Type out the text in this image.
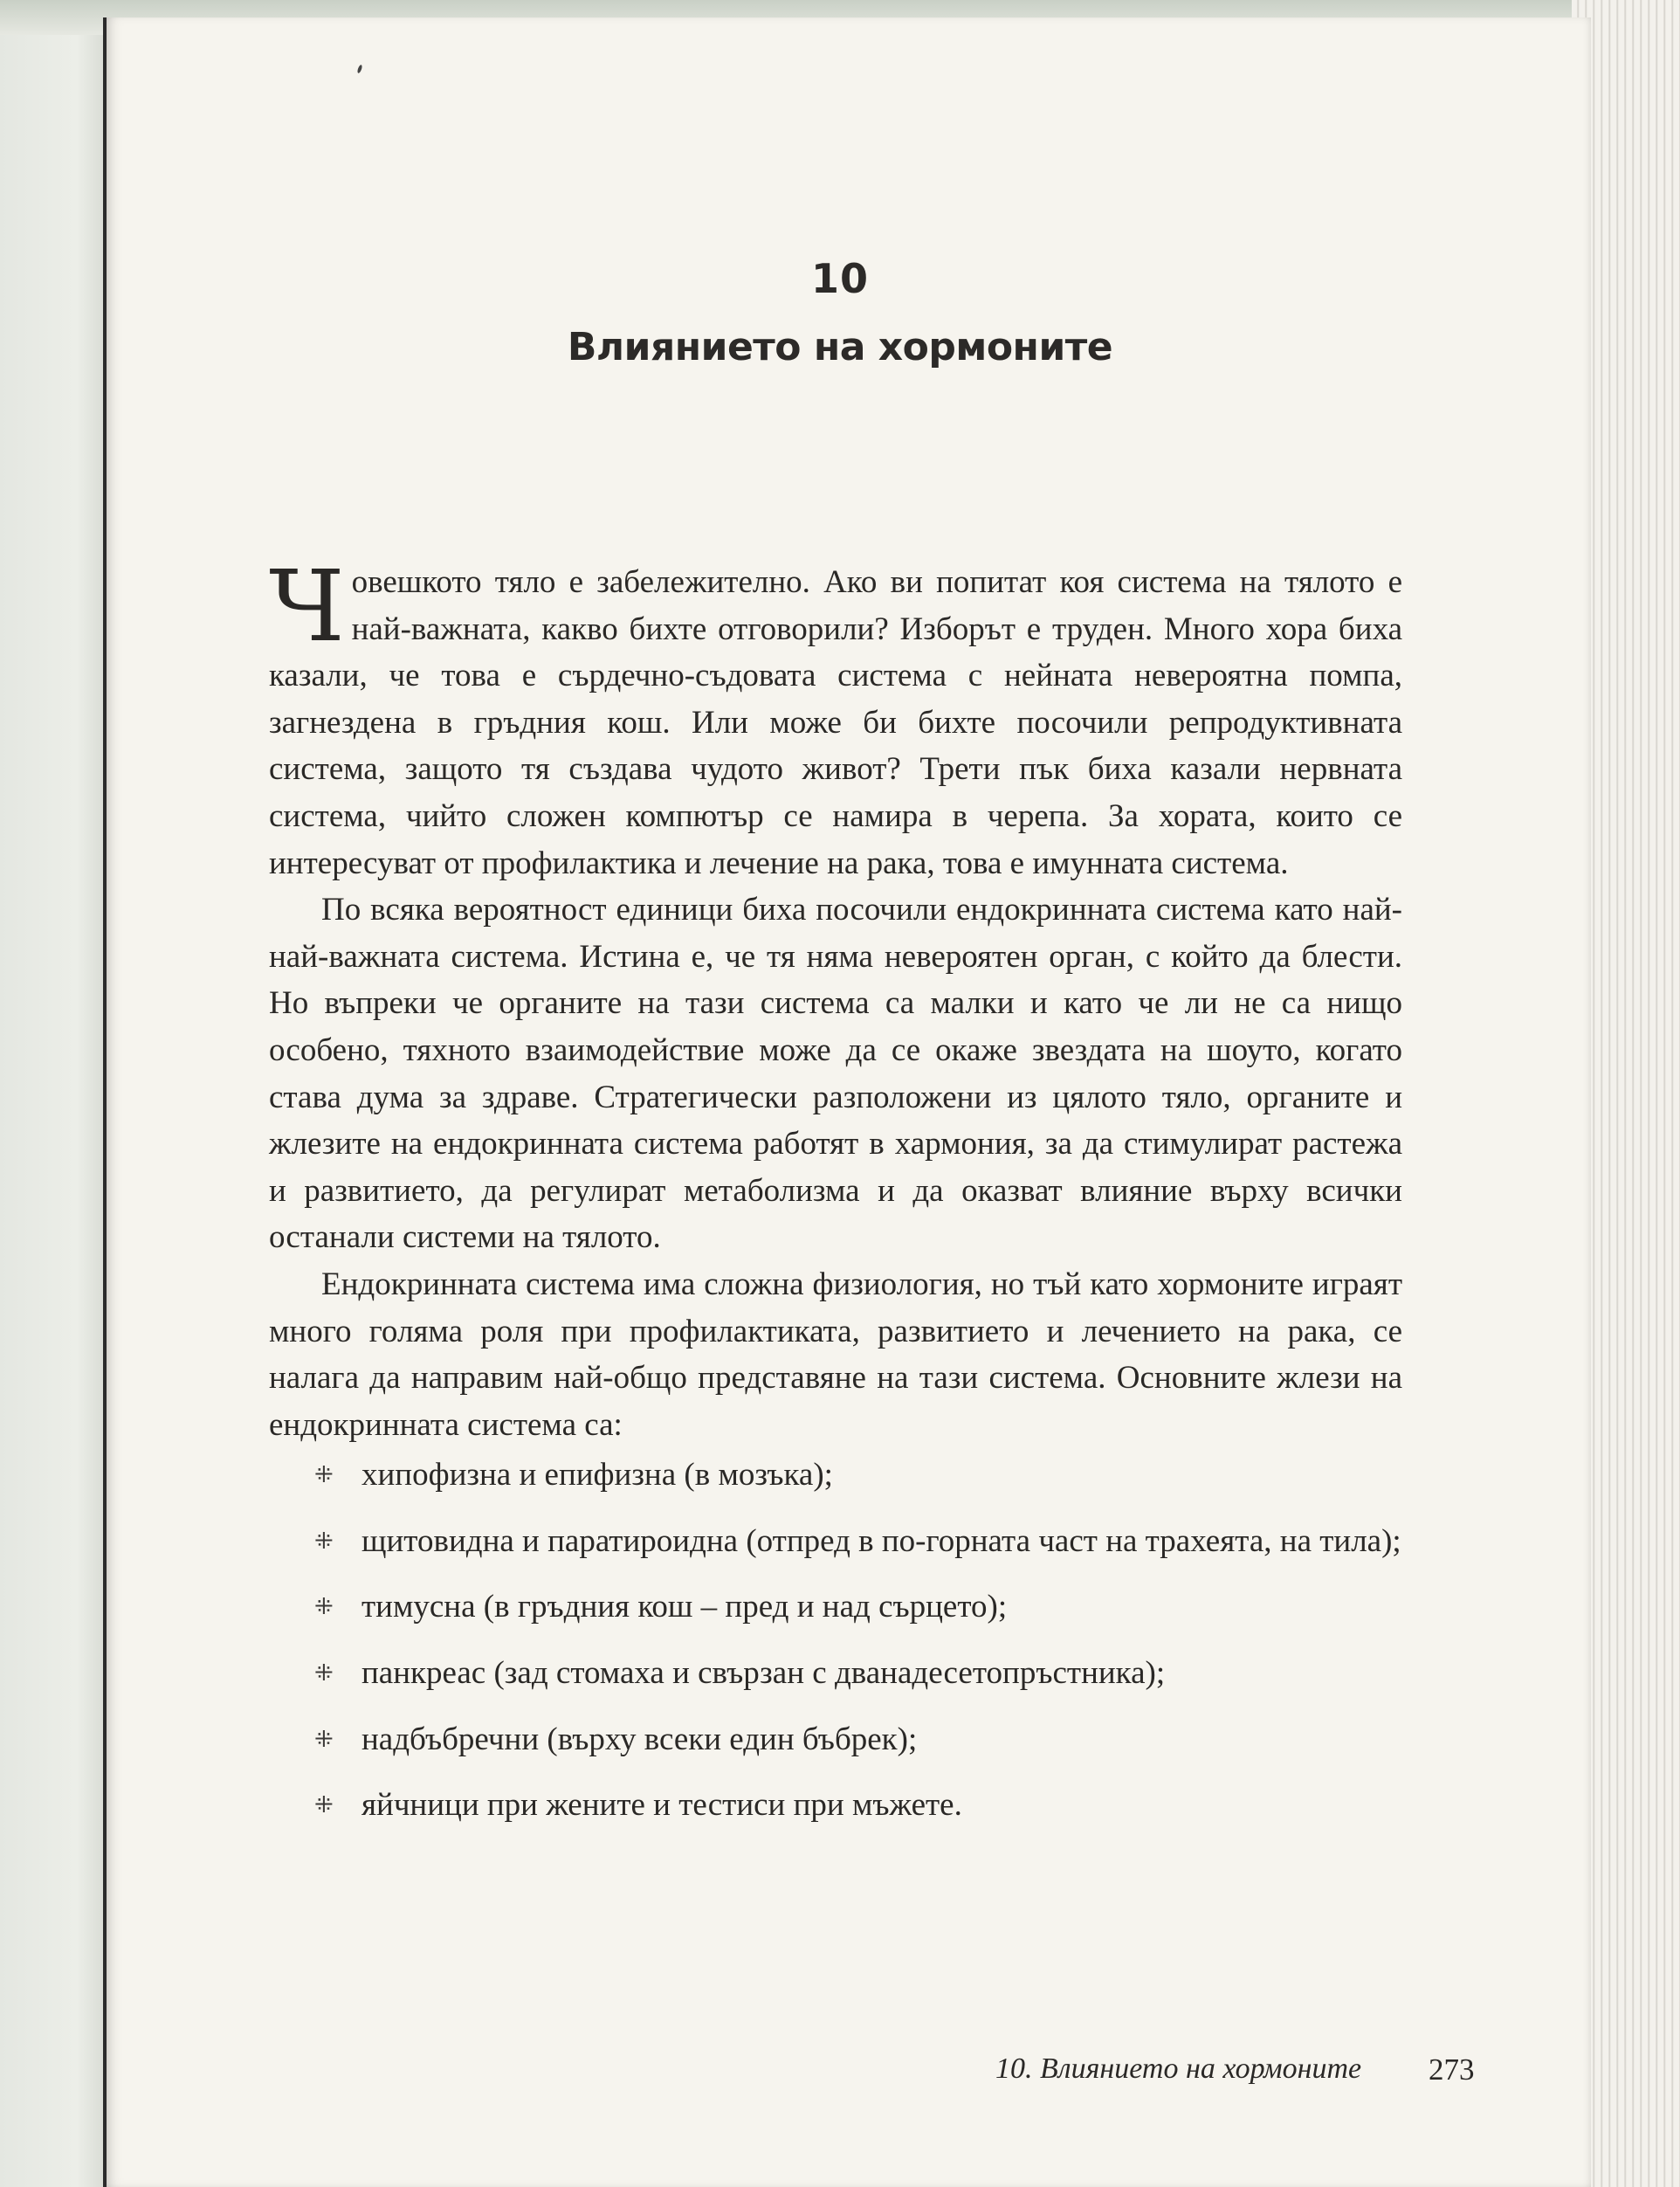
10
Влиянието на хормоните

Човешкото тяло е забележително. Ако ви попитат коя система на тялото е най-важната, какво бихте отговорили? Изборът е труден. Много хора биха казали, че това е сърдечно-съдовата система с нейната невероятна помпа, загнездена в гръдния кош. Или може би бихте посочили репродуктивната система, защото тя създава чудото живот? Трети пък биха казали нервната система, чийто сложен компютър се намира в черепа. За хората, които се интересуват от профилактика и лечение на рака, това е имунната система.

По всяка вероятност единици биха посочили ендокринната система като най-най-важната система. Истина е, че тя няма невероятен орган, с който да блести. Но въпреки че органите на тази система са малки и като че ли не са нищо особено, тяхното взаимодействие може да се окаже звездата на шоуто, когато става дума за здраве. Стратегически разположени из цялото тяло, органите и жлезите на ендокринната система работят в хармония, за да стимулират растежа и развитието, да регулират метаболизма и да оказват влияние върху всички останали системи на тялото.

Ендокринната система има сложна физиология, но тъй като хормоните играят много голяма роля при профилактиката, развитието и лечението на рака, се налага да направим най-общо представяне на тази система. Основните жлези на ендокринната система са:

⁜ хипофизна и епифизна (в мозъка);
⁜ щитовидна и паратироидна (отпред в по-горната част на трахеята, на тила);
⁜ тимусна (в гръдния кош – пред и над сърцето);
⁜ панкреас (зад стомаха и свързан с дванадесетопръстника);
⁜ надбъбречни (върху всеки един бъбрек);
⁜ яйчници при жените и тестиси при мъжете.
10. Влиянието на хормоните 273
